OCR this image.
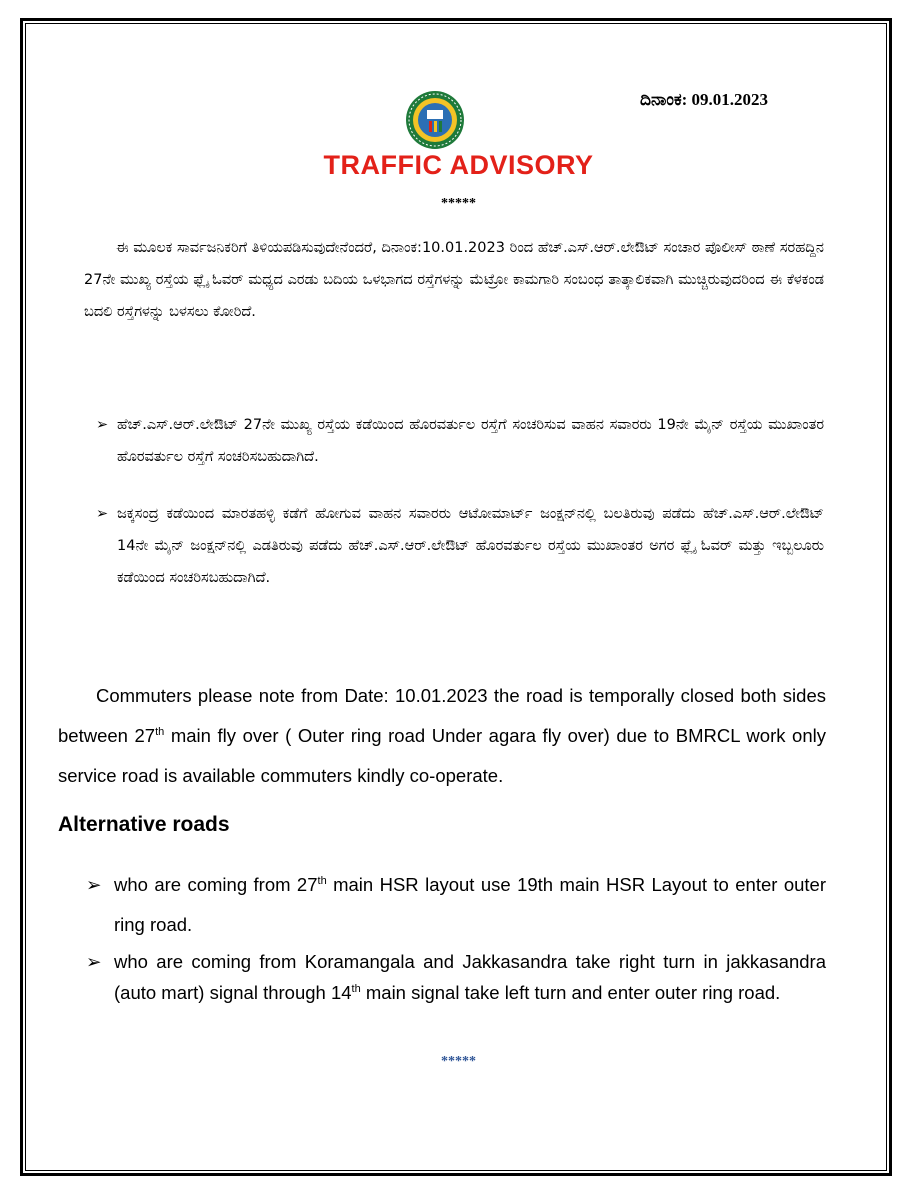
ದಿನಾಂಕ: 09.01.2023
TRAFFIC ADVISORY
*****
ಈ ಮೂಲಕ ಸಾರ್ವಜನಿಕರಿಗೆ ತಿಳಿಯಪಡಿಸುವುದೇನೆಂದರೆ, ದಿನಾಂಕ:10.01.2023 ರಿಂದ ಹೆಚ್.ಎಸ್.ಆರ್.ಲೇಔಟ್ ಸಂಚಾರ ಪೊಲೀಸ್ ಠಾಣೆ ಸರಹದ್ದಿನ 27ನೇ ಮುಖ್ಯ ರಸ್ತೆಯ ಫ್ಲೈ ಓವರ್ ಮಧ್ಯದ ಎರಡು ಬದಿಯ ಒಳಭಾಗದ ರಸ್ತೆಗಳನ್ನು ಮೆಟ್ರೋ ಕಾಮಗಾರಿ ಸಂಬಂಧ ತಾತ್ಕಾಲಿಕವಾಗಿ ಮುಚ್ಚಿರುವುದರಿಂದ ಈ ಕೆಳಕಂಡ ಬದಲಿ ರಸ್ತೆಗಳನ್ನು ಬಳಸಲು ಕೋರಿದೆ.
➢ ಹೆಚ್.ಎಸ್.ಆರ್.ಲೇಔಟ್ 27ನೇ ಮುಖ್ಯ ರಸ್ತೆಯ ಕಡೆಯಿಂದ ಹೊರವರ್ತುಲ ರಸ್ತೆಗೆ ಸಂಚರಿಸುವ ವಾಹನ ಸವಾರರು 19ನೇ ಮೈನ್ ರಸ್ತೆಯ ಮುಖಾಂತರ ಹೊರವರ್ತುಲ ರಸ್ತೆಗೆ ಸಂಚರಿಸಬಹುದಾಗಿದೆ.
➢ ಜಕ್ಕಸಂದ್ರ ಕಡೆಯಿಂದ ಮಾರತಹಳ್ಳಿ ಕಡೆಗೆ ಹೋಗುವ ವಾಹನ ಸವಾರರು ಆಟೋಮಾರ್ಟ್ ಜಂಕ್ಷನ್‌ನಲ್ಲಿ ಬಲತಿರುವು ಪಡೆದು ಹೆಚ್.ಎಸ್.ಆರ್.ಲೇಔಟ್ 14ನೇ ಮೈನ್ ಜಂಕ್ಷನ್‌ನಲ್ಲಿ ಎಡತಿರುವು ಪಡೆದು ಹೆಚ್.ಎಸ್.ಆರ್.ಲೇಔಟ್ ಹೊರವರ್ತುಲ ರಸ್ತೆಯ ಮುಖಾಂತರ ಅಗರ ಫ್ಲೈ ಓವರ್ ಮತ್ತು ಇಬ್ಬಲೂರು ಕಡೆಯಿಂದ ಸಂಚರಿಸಬಹುದಾಗಿದೆ.
Commuters please note from Date: 10.01.2023 the road is temporally closed both sides between 27th main fly over ( Outer ring road Under agara fly over) due to BMRCL work only service road is available commuters kindly co-operate.
Alternative roads
➢ who are coming from 27th main HSR layout use 19th main HSR Layout to enter outer ring road.
➢ who are coming from Koramangala and Jakkasandra take right turn in jakkasandra (auto mart) signal through 14th main signal take left turn and enter outer ring road.
*****
